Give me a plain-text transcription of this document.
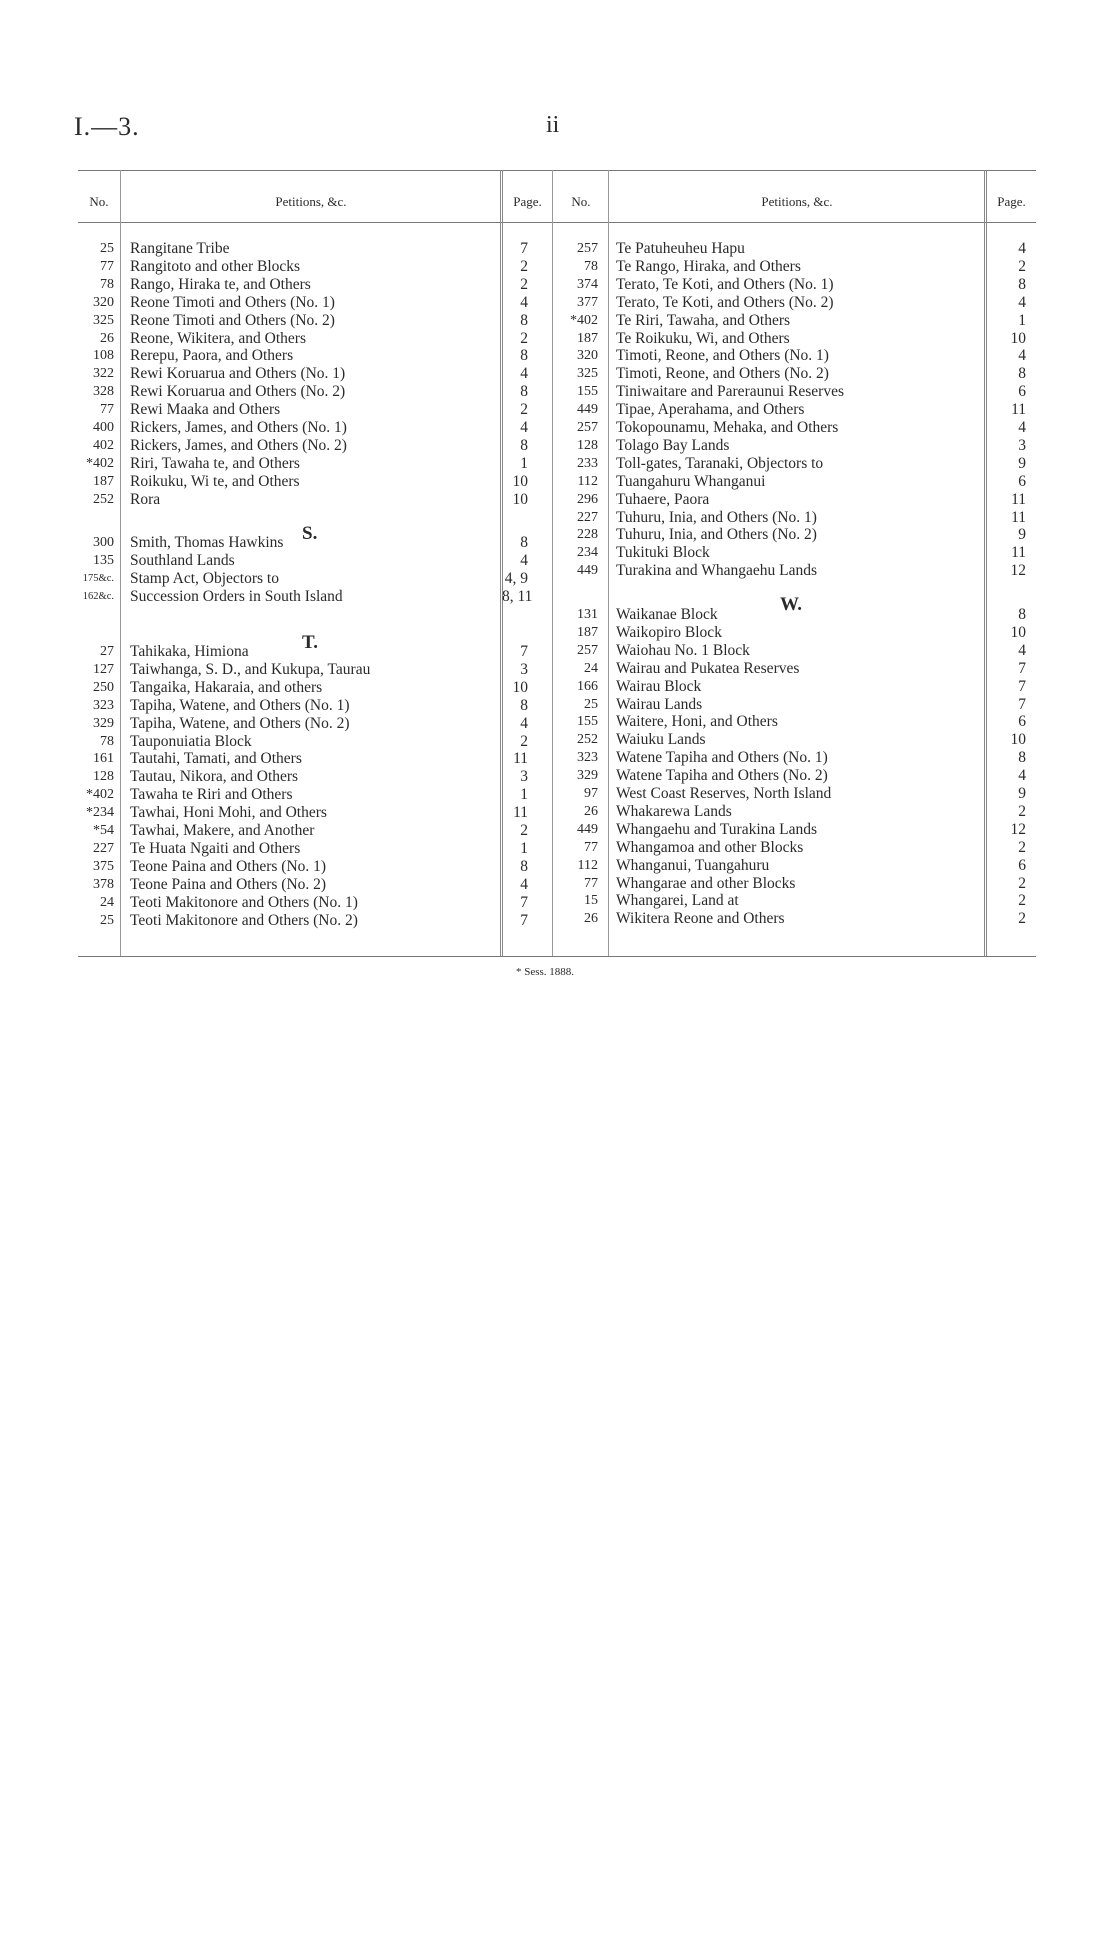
I.—3.	ii
No.	Petitions, &c.	Page.	No.	Petitions, &c.	Page.
S.
T.
W.
25 Rangitane Tribe	7
77 Rangitoto and other Blocks	2
78 Rango, Hiraka te, and Others	2
320 Reone Timoti and Others (No. 1)	4
325 Reone Timoti and Others (No. 2)	8
26 Reone, Wikitera, and Others	2
108 Rerepu, Paora, and Others	8
322 Rewi Koruarua and Others (No. 1)	4
328 Rewi Koruarua and Others (No. 2)	8
77 Rewi Maaka and Others	2
400 Rickers, James, and Others (No. 1)	4
402 Rickers, James, and Others (No. 2)	8
*402 Riri, Tawaha te, and Others	1
187 Roikuku, Wi te, and Others	10
252 Rora	10
300 Smith, Thomas Hawkins	8
135 Southland Lands	4
175&c. Stamp Act, Objectors to	4, 9
162&c. Succession Orders in South Island	8, 11
27 Tahikaka, Himiona	7
127 Taiwhanga, S. D., and Kukupa, Taurau	3
250 Tangaika, Hakaraia, and others	10
323 Tapiha, Watene, and Others (No. 1)	8
329 Tapiha, Watene, and Others (No. 2)	4
78 Tauponuiatia Block	2
161 Tautahi, Tamati, and Others	11
128 Tautau, Nikora, and Others	3
*402 Tawaha te Riri and Others	1
*234 Tawhai, Honi Mohi, and Others	11
*54 Tawhai, Makere, and Another	2
227 Te Huata Ngaiti and Others	1
375 Teone Paina and Others (No. 1)	8
378 Teone Paina and Others (No. 2)	4
24 Teoti Makitonore and Others (No. 1)	7
25 Teoti Makitonore and Others (No. 2)	7
257 Te Patuheuheu Hapu	4
78 Te Rango, Hiraka, and Others	2
374 Terato, Te Koti, and Others (No. 1)	8
377 Terato, Te Koti, and Others (No. 2)	4
*402 Te Riri, Tawaha, and Others	1
187 Te Roikuku, Wi, and Others	10
320 Timoti, Reone, and Others (No. 1)	4
325 Timoti, Reone, and Others (No. 2)	8
155 Tiniwaitare and Pareraunui Reserves	6
449 Tipae, Aperahama, and Others	11
257 Tokopounamu, Mehaka, and Others	4
128 Tolago Bay Lands	3
233 Toll-gates, Taranaki, Objectors to	9
112 Tuangahuru Whanganui	6
296 Tuhaere, Paora	11
227 Tuhuru, Inia, and Others (No. 1)	11
228 Tuhuru, Inia, and Others (No. 2)	9
234 Tukituki Block	11
449 Turakina and Whangaehu Lands	12
131 Waikanae Block	8
187 Waikopiro Block	10
257 Waiohau No. 1 Block	4
24 Wairau and Pukatea Reserves	7
166 Wairau Block	7
25 Wairau Lands	7
155 Waitere, Honi, and Others	6
252 Waiuku Lands	10
323 Watene Tapiha and Others (No. 1)	8
329 Watene Tapiha and Others (No. 2)	4
97 West Coast Reserves, North Island	9
26 Whakarewa Lands	2
449 Whangaehu and Turakina Lands	12
77 Whangamoa and other Blocks	2
112 Whanganui, Tuangahuru	6
77 Whangarae and other Blocks	2
15 Whangarei, Land at	2
26 Wikitera Reone and Others	2
* Sess. 1888.
